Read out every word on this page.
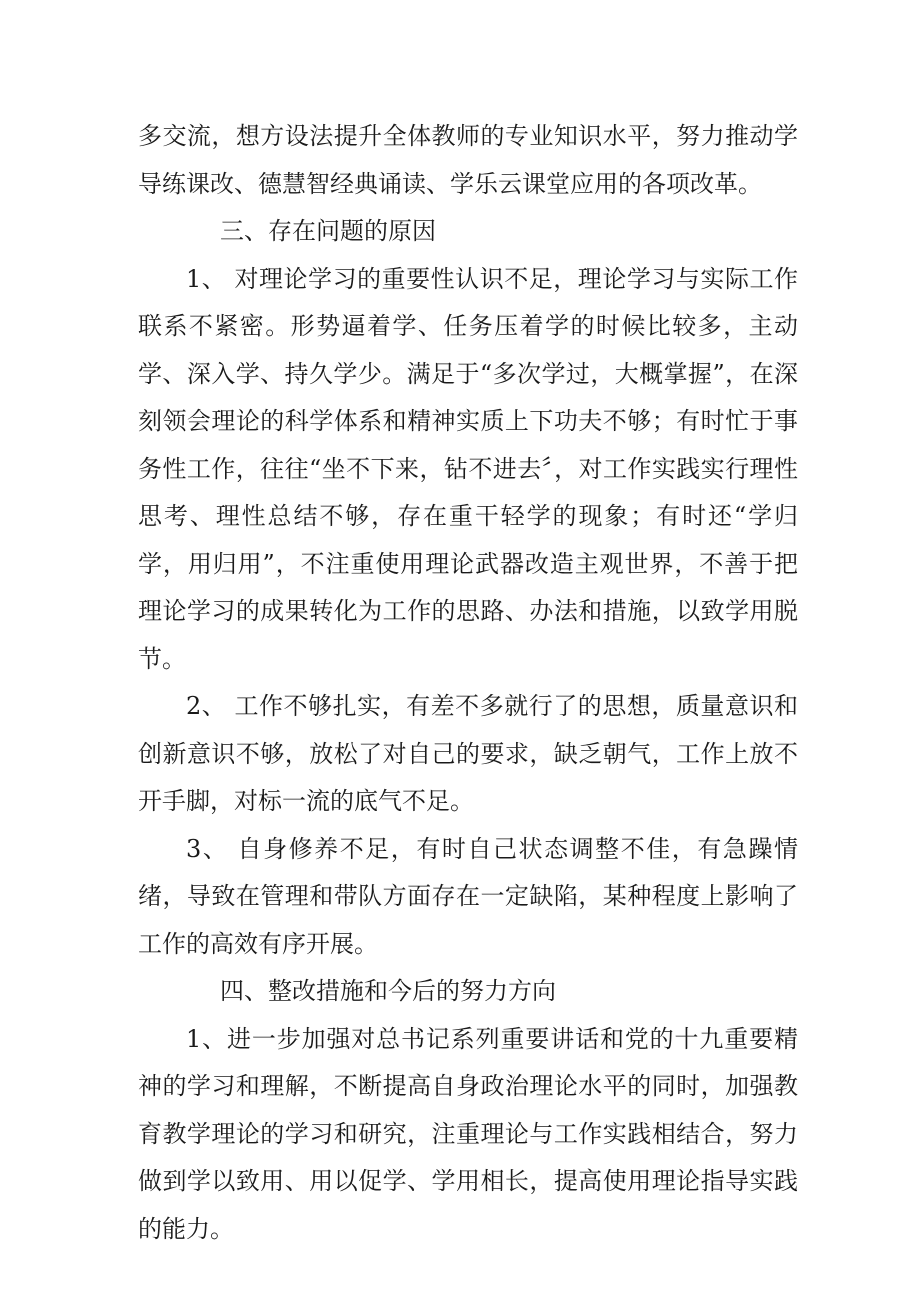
多交流，想方设法提升全体教师的专业知识水平，努力推动学导练课改、德慧智经典诵读、学乐云课堂应用的各项改革。

三、存在问题的原因

1、 对理论学习的重要性认识不足，理论学习与实际工作联系不紧密。形势逼着学、任务压着学的时候比较多，主动学、深入学、持久学少。满足于“多次学过，大概掌握”，在深刻领会理论的科学体系和精神实质上下功夫不够；有时忙于事务性工作，往往“坐不下来，钻不进去〞，对工作实践实行理性思考、理性总结不够，存在重干轻学的现象；有时还“学归学，用归用”，不注重使用理论武器改造主观世界，不善于把理论学习的成果转化为工作的思路、办法和措施，以致学用脱节。

2、 工作不够扎实，有差不多就行了的思想，质量意识和创新意识不够，放松了对自己的要求，缺乏朝气，工作上放不开手脚，对标一流的底气不足。

3、 自身修养不足，有时自己状态调整不佳，有急躁情绪，导致在管理和带队方面存在一定缺陷，某种程度上影响了工作的高效有序开展。

四、整改措施和今后的努力方向

1、进一步加强对总书记系列重要讲话和党的十九重要精神的学习和理解，不断提高自身政治理论水平的同时，加强教育教学理论的学习和研究，注重理论与工作实践相结合，努力做到学以致用、用以促学、学用相长，提高使用理论指导实践的能力。
